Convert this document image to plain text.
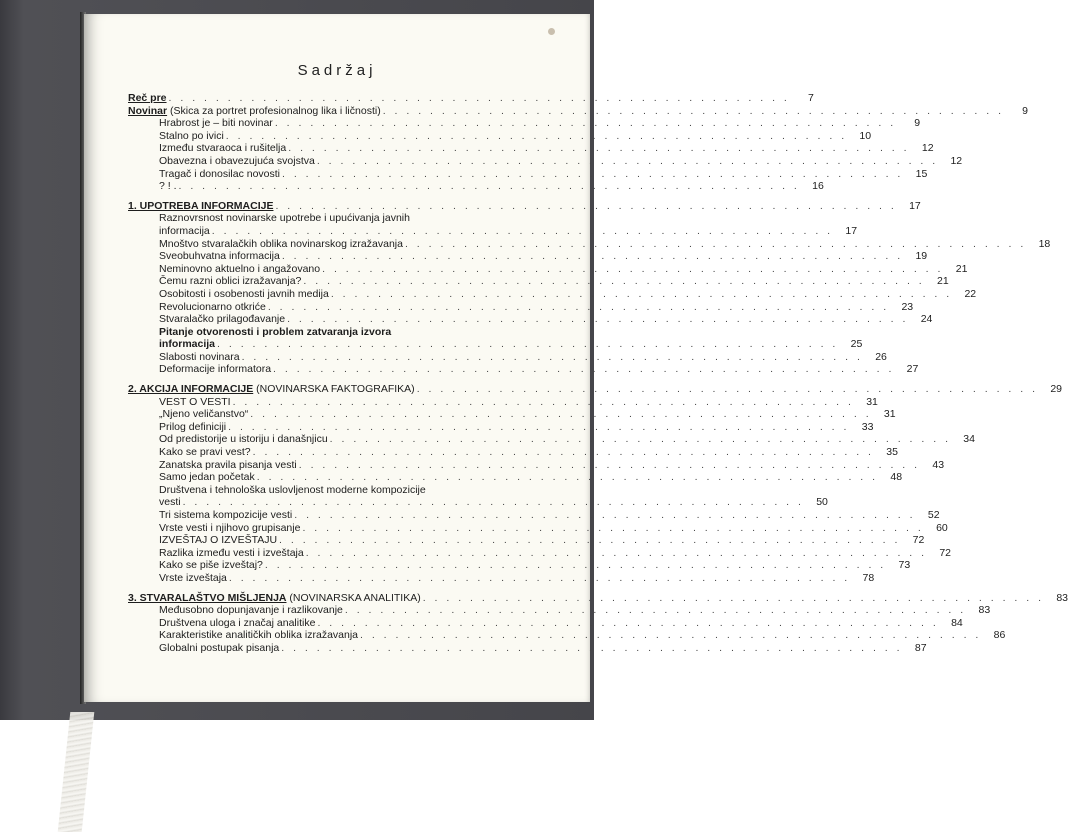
Sadržaj
Reč pre . . .	7
Novinar (Skica za portret profesionalnog lika i ličnosti) . . .	9
Hrabrost je – biti novinar . . .	9
Stalno po ivici . . .	10
Između stvaraoca i rušitelja . . .	12
Obavezna i obavezujuća svojstva . . .	12
Tragač i donosilac novosti . . .	15
? ! . . . .	16
1. UPOTREBA INFORMACIJE . . .	17
Raznovrsnost novinarske upotrebe i upućivanja javnih
informacija . . .	17
Mnoštvo stvaralačkih oblika novinarskog izražavanja . . .	18
Sveobuhvatna informacija . . .	19
Neminovno aktuelno i angažovano . . .	21
Čemu razni oblici izražavanja? . . .	21
Osobitosti i osobenosti javnih medija . . .	22
Revolucionarno otkriće . . .	23
Stvaralačko prilagođavanje . . .	24
Pitanje otvorenosti i problem zatvaranja izvora
informacija . . .	25
Slabosti novinara . . .	26
Deformacije informatora . . .	27
2. AKCIJA INFORMACIJE (NOVINARSKA FAKTOGRAFIKA) . . .	29
VEST O VESTI . . .	31
„Njeno veličanstvo“ . . .	31
Prilog definiciji . . .	33
Od predistorije u istoriju i današnjicu . . .	34
Kako se pravi vest? . . .	35
Zanatska pravila pisanja vesti . . .	43
Samo jedan početak . . .	48
Društvena i tehnološka uslovljenost moderne kompozicije
vesti . . .	50
Tri sistema kompozicije vesti . . .	52
Vrste vesti i njihovo grupisanje . . .	60
IZVEŠTAJ O IZVEŠTAJU . . .	72
Razlika između vesti i izveštaja . . .	72
Kako se piše izveštaj? . . .	73
Vrste izveštaja . . .	78
3. STVARALAŠTVO MIŠLJENJA (NOVINARSKA ANALITIKA) . . .	83
Međusobno dopunjavanje i razlikovanje . . .	83
Društvena uloga i značaj analitike . . .	84
Karakteristike analitičkih oblika izražavanja . . .	86
Globalni postupak pisanja . . .	87
